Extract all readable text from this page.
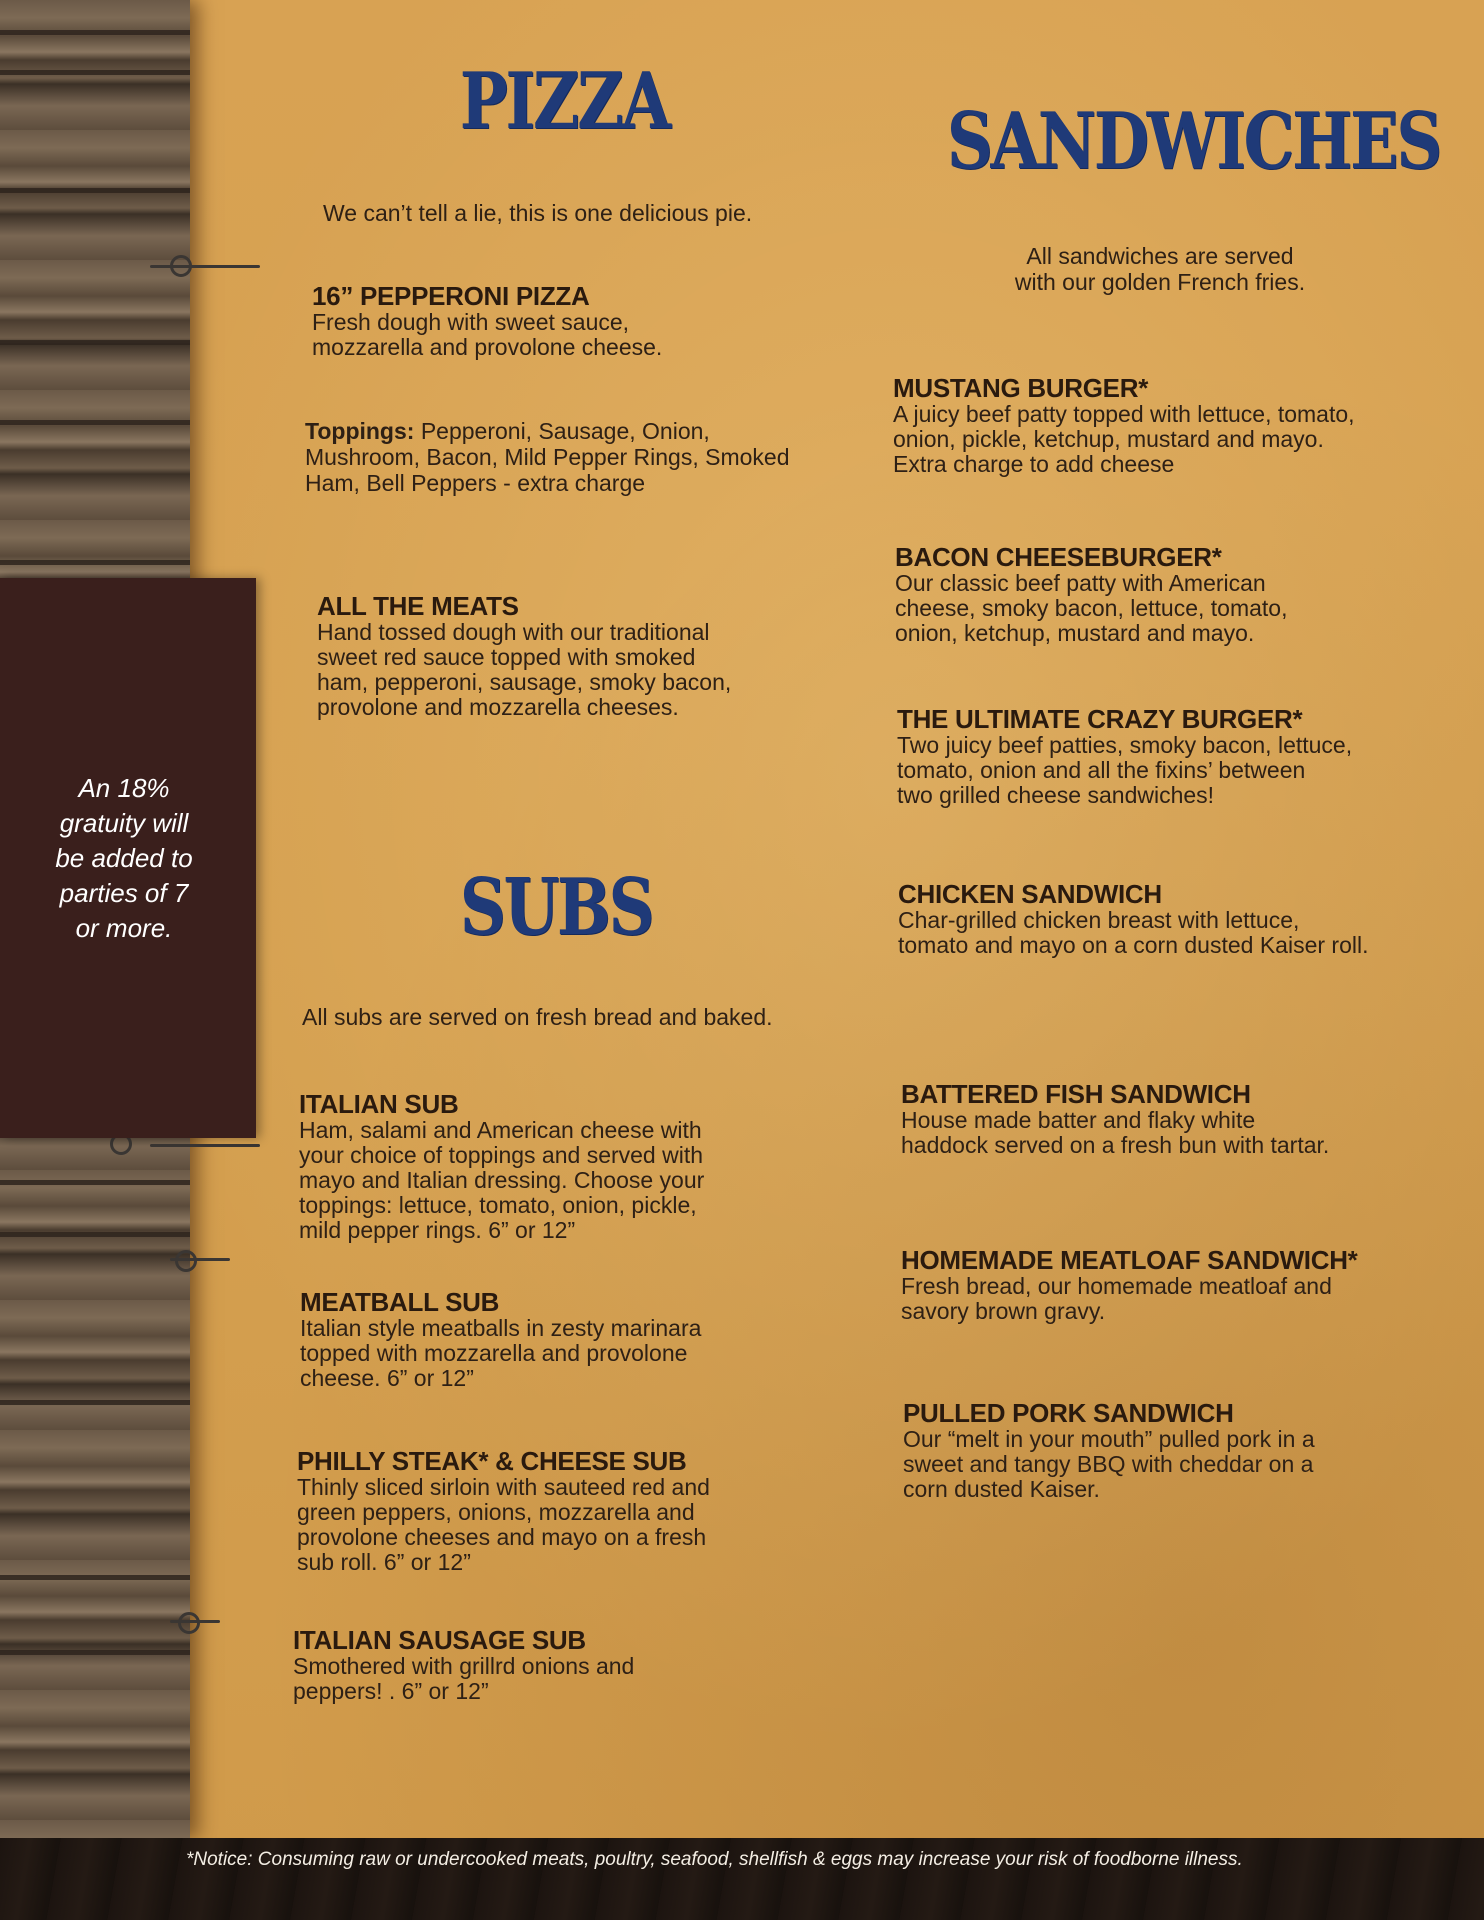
An 18% gratuity will be added to parties of 7 or more.
PIZZA
We can’t tell a lie, this is one delicious pie.
16” PEPPERONI PIZZA
Fresh dough with sweet sauce,
mozzarella and provolone cheese.
Toppings: Pepperoni, Sausage, Onion, Mushroom, Bacon, Mild Pepper Rings, Smoked Ham, Bell Peppers - extra charge
ALL THE MEATS
Hand tossed dough with our traditional
sweet red sauce topped with smoked
ham, pepperoni, sausage, smoky bacon,
provolone and mozzarella cheeses.
SUBS
All subs are served on fresh bread and baked.
ITALIAN SUB
Ham, salami and American cheese with
your choice of toppings and served with
mayo and Italian dressing. Choose your
toppings: lettuce, tomato, onion, pickle,
mild pepper rings. 6” or 12”
MEATBALL SUB
Italian style meatballs in zesty marinara
topped with mozzarella and provolone
cheese. 6” or 12”
PHILLY STEAK* & CHEESE SUB
Thinly sliced sirloin with sauteed red and
green peppers, onions, mozzarella and
provolone cheeses and mayo on a fresh
sub roll. 6” or 12”
ITALIAN SAUSAGE SUB
Smothered with grillrd onions and
peppers! . 6” or 12”
SANDWICHES
All sandwiches are served
with our golden French fries.
MUSTANG BURGER*
A juicy beef patty topped with lettuce, tomato,
onion, pickle, ketchup, mustard and mayo.
Extra charge to add cheese
BACON CHEESEBURGER*
Our classic beef patty with American
cheese, smoky bacon, lettuce, tomato,
onion, ketchup, mustard and mayo.
THE ULTIMATE CRAZY BURGER*
Two juicy beef patties, smoky bacon, lettuce,
tomato, onion and all the fixins’ between
two grilled cheese sandwiches!
CHICKEN SANDWICH
Char-grilled chicken breast with lettuce,
tomato and mayo on a corn dusted Kaiser roll.
BATTERED FISH SANDWICH
House made batter and flaky white
haddock served on a fresh bun with tartar.
HOMEMADE MEATLOAF SANDWICH*
Fresh bread, our homemade meatloaf and
savory brown gravy.
PULLED PORK SANDWICH
Our “melt in your mouth” pulled pork in a
sweet and tangy BBQ with cheddar on a
corn dusted Kaiser.
*Notice: Consuming raw or undercooked meats, poultry, seafood, shellfish & eggs may increase your risk of foodborne illness.
